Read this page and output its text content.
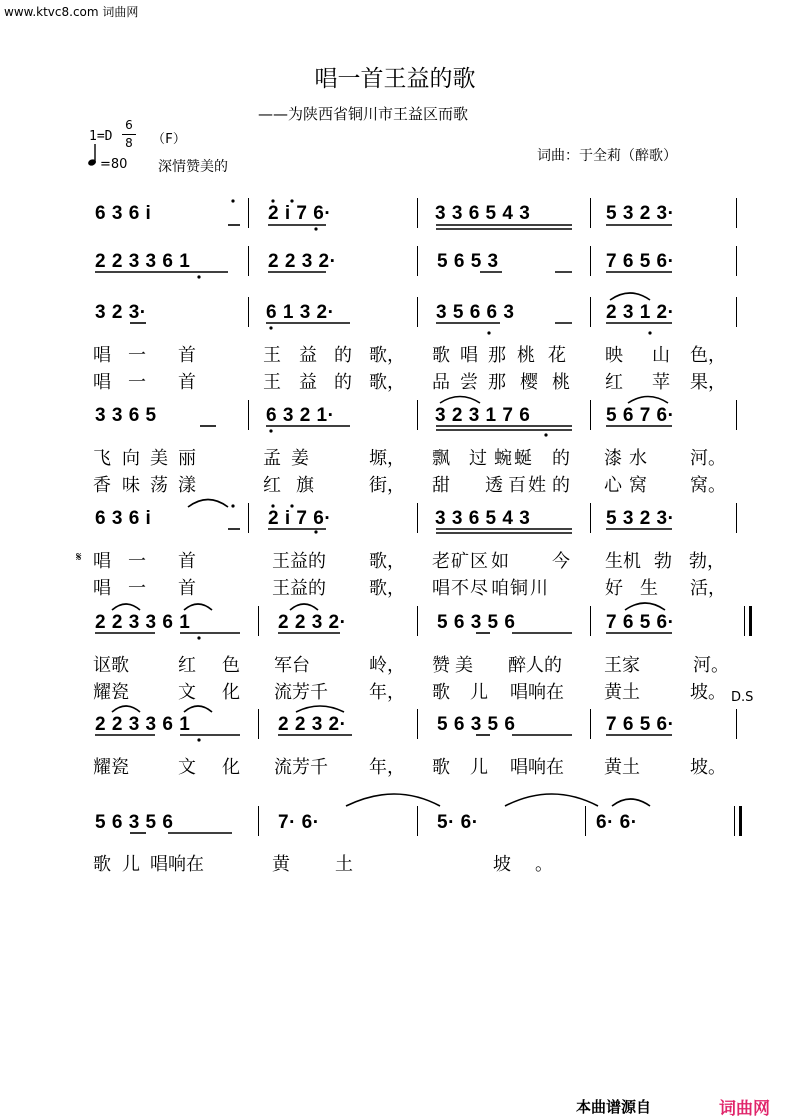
www.ktvc8.com 词曲网
唱一首王益的歌
——为陕西省铜川市王益区而歌
1=D
6
8 （F）
=80 深情赞美的
词曲：于全莉（醉歌）
6 3 6 i	2 i 7 6·	3 3 6 5 4 3	5 3 2 3·
2 2 3 3 6 1	2 2 3 2·	5 6 5 3	7 6 5 6·
3 2 3·	6 1 3 2·	3 5 6 6 3	2 3 1 2·
唱 一 首	王 益 的 歌， 歌 唱 那 桃 花 映 山 色，
唱 一 首	王 益 的 歌， 品 尝 那 樱 桃 红 苹 果，
3 3 6 5	6 3 2 1·	3 2 3 1 7 6	5 6 7 6·
飞 向 美 丽	孟 姜	塬， 飘 过 蜿 蜒 的 漆 水 河。
香 味 荡 漾	红 旗	街， 甜 透 百 姓 的 心 窝 窝。
6 3 6 i	2 i 7 6·	3 3 6 5 4 3	5 3 2 3·
𝄋 唱 一 首	王益的 歌， 老 矿 区 如 今 生机 勃 勃，
唱 一 首	王益的 歌， 唱 不 尽 咱 铜 川	好 生 活，
2 2 3 3 6 1	2 2 3 2·	5 6 3 5 6	7 6 5 6·
讴歌	红 色 军台	岭， 赞 美 醉人的 王家	河。
耀瓷	文 化 流芳千 年， 歌 儿 唱响在 黄土	坡。 D.S
2 2 3 3 6 1	2 2 3 2·	5 6 3 5 6	7 6 5 6·
耀瓷	文 化 流芳千 年， 歌 儿 唱响在 黄土	坡。
5 6 3 5 6	7· 6·	5· 6·	6· 6·
歌 儿 唱响在	黄	土	坡 。
本曲谱源自	词曲网
